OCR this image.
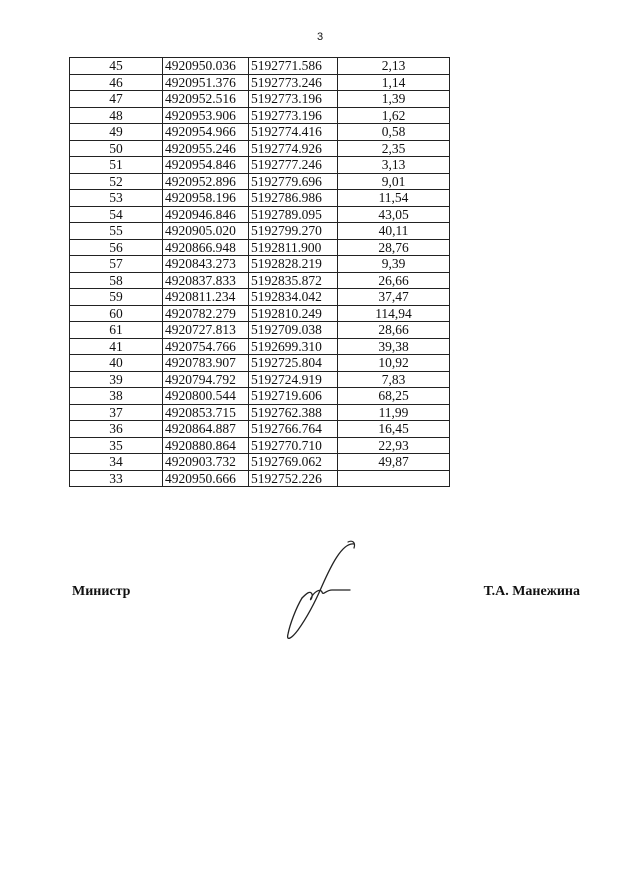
3
45	4920950.036	5192771.586	2,13
46	4920951.376	5192773.246	1,14
47	4920952.516	5192773.196	1,39
48	4920953.906	5192773.196	1,62
49	4920954.966	5192774.416	0,58
50	4920955.246	5192774.926	2,35
51	4920954.846	5192777.246	3,13
52	4920952.896	5192779.696	9,01
53	4920958.196	5192786.986	11,54
54	4920946.846	5192789.095	43,05
55	4920905.020	5192799.270	40,11
56	4920866.948	5192811.900	28,76
57	4920843.273	5192828.219	9,39
58	4920837.833	5192835.872	26,66
59	4920811.234	5192834.042	37,47
60	4920782.279	5192810.249	114,94
61	4920727.813	5192709.038	28,66
41	4920754.766	5192699.310	39,38
40	4920783.907	5192725.804	10,92
39	4920794.792	5192724.919	7,83
38	4920800.544	5192719.606	68,25
37	4920853.715	5192762.388	11,99
36	4920864.887	5192766.764	16,45
35	4920880.864	5192770.710	22,93
34	4920903.732	5192769.062	49,87
33	4920950.666	5192752.226	
Министр	Т.А. Манежина
